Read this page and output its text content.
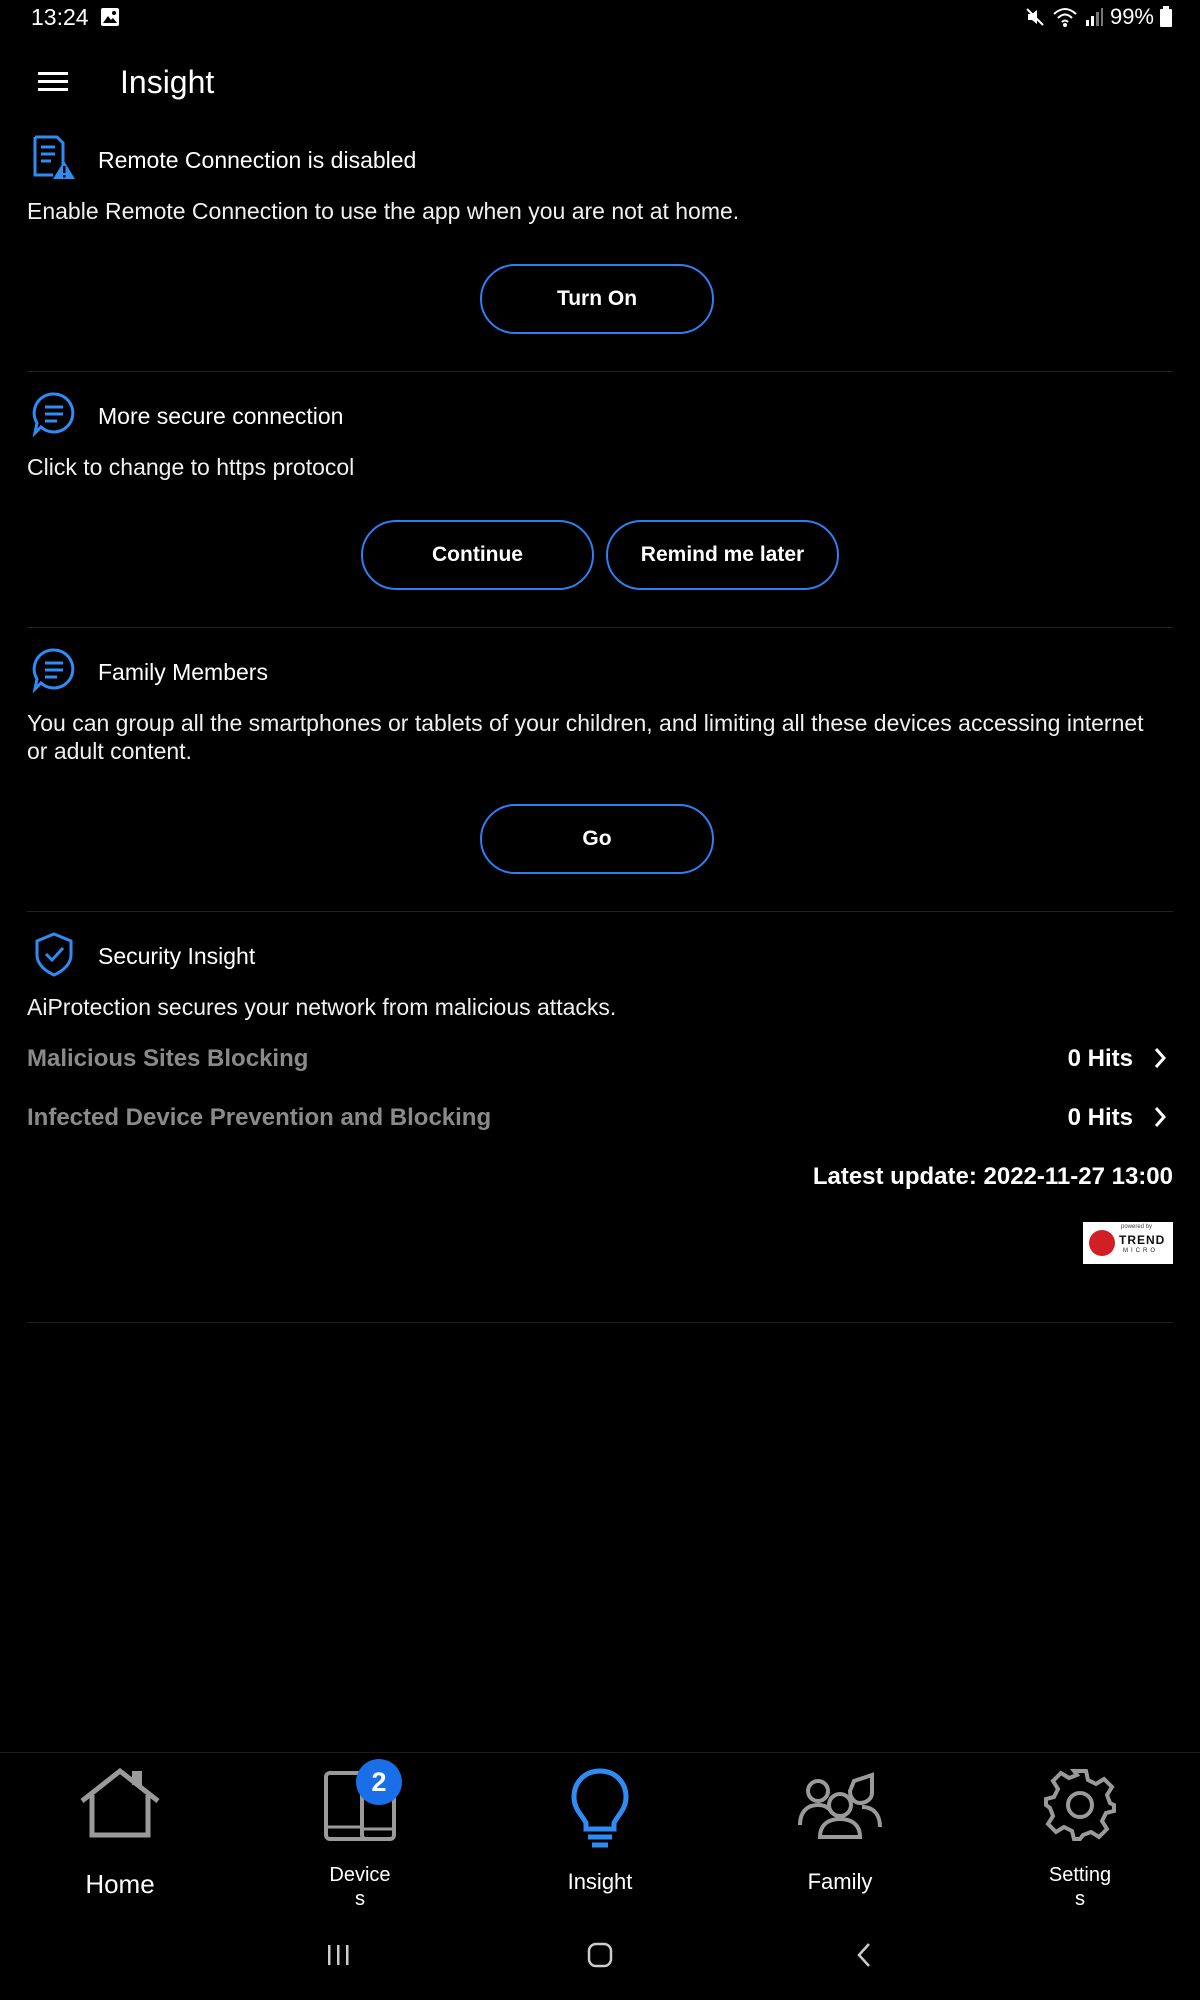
13:24	99%
Insight
Remote Connection is disabled
Enable Remote Connection to use the app when you are not at home.
Turn On
More secure connection
Click to change to https protocol
Continue	Remind me later
Family Members
You can group all the smartphones or tablets of your children, and limiting all these devices accessing internet or adult content.
Go
Security Insight
AiProtection secures your network from malicious attacks.
Malicious Sites Blocking	0 Hits
Infected Device Prevention and Blocking	0 Hits
Latest update: 2022-11-27 13:00
powered by
TREND
MICRO
Home
2
Device
s
Insight	Family	Setting
s
